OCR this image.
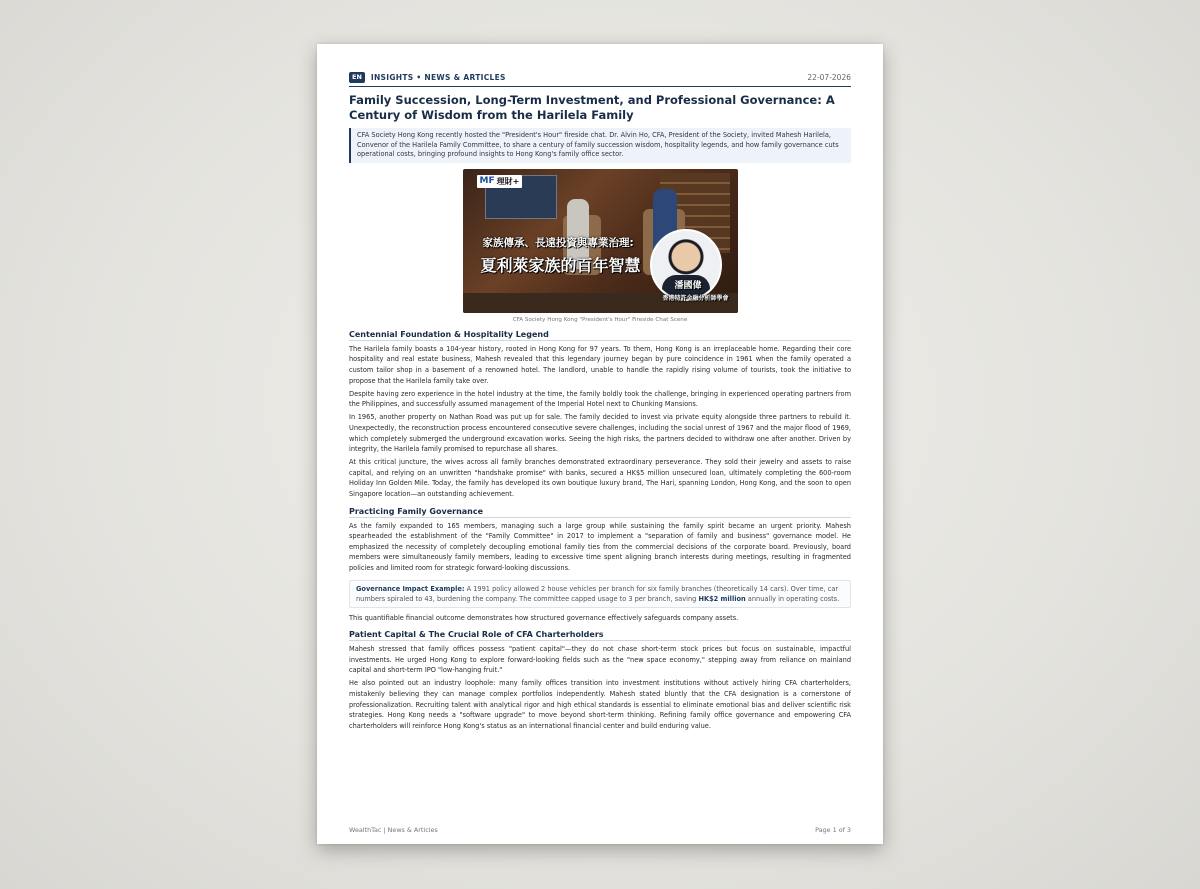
EN	INSIGHTS • NEWS & ARTICLES	22-07-2026
Family Succession, Long-Term Investment, and Professional Governance: A Century of Wisdom from the Harilela Family
CFA Society Hong Kong recently hosted the "President's Hour" fireside chat. Dr. Alvin Ho, CFA, President of the Society, invited Mahesh Harilela, Convenor of the Harilela Family Committee, to share a century of family succession wisdom, hospitality legends, and how family governance cuts operational costs, bringing profound insights to Hong Kong's family office sector.
MF 理財+
家族傳承、長遠投資與專業治理:
夏利萊家族的百年智慧
潘國偉
香港特許金融分析師學會
CFA Society Hong Kong "President's Hour" Fireside Chat Scene
Centennial Foundation & Hospitality Legend

The Harilela family boasts a 104-year history, rooted in Hong Kong for 97 years. To them, Hong Kong is an irreplaceable home. Regarding their core hospitality and real estate business, Mahesh revealed that this legendary journey began by pure coincidence in 1961 when the family operated a custom tailor shop in a basement of a renowned hotel. The landlord, unable to handle the rapidly rising volume of tourists, took the initiative to propose that the Harilela family take over.

Despite having zero experience in the hotel industry at the time, the family boldly took the challenge, bringing in experienced operating partners from the Philippines, and successfully assumed management of the Imperial Hotel next to Chunking Mansions.

In 1965, another property on Nathan Road was put up for sale. The family decided to invest via private equity alongside three partners to rebuild it. Unexpectedly, the reconstruction process encountered consecutive severe challenges, including the social unrest of 1967 and the major flood of 1969, which completely submerged the underground excavation works. Seeing the high risks, the partners decided to withdraw one after another. Driven by integrity, the Harilela family promised to repurchase all shares.

At this critical juncture, the wives across all family branches demonstrated extraordinary perseverance. They sold their jewelry and assets to raise capital, and relying on an unwritten "handshake promise" with banks, secured a HK$5 million unsecured loan, ultimately completing the 600-room Holiday Inn Golden Mile. Today, the family has developed its own boutique luxury brand, The Hari, spanning London, Hong Kong, and the soon to open Singapore location—an outstanding achievement.

Practicing Family Governance

As the family expanded to 165 members, managing such a large group while sustaining the family spirit became an urgent priority. Mahesh spearheaded the establishment of the "Family Committee" in 2017 to implement a "separation of family and business" governance model. He emphasized the necessity of completely decoupling emotional family ties from the commercial decisions of the corporate board. Previously, board members were simultaneously family members, leading to excessive time spent aligning branch interests during meetings, resulting in fragmented policies and limited room for strategic forward-looking discussions.

Governance Impact Example: A 1991 policy allowed 2 house vehicles per branch for six family branches (theoretically 14 cars). Over time, car numbers spiraled to 43, burdening the company. The committee capped usage to 3 per branch, saving HK$2 million annually in operating costs.

This quantifiable financial outcome demonstrates how structured governance effectively safeguards company assets.

Patient Capital & The Crucial Role of CFA Charterholders

Mahesh stressed that family offices possess "patient capital"—they do not chase short-term stock prices but focus on sustainable, impactful investments. He urged Hong Kong to explore forward-looking fields such as the "new space economy," stepping away from reliance on mainland capital and short-term IPO "low-hanging fruit."

He also pointed out an industry loophole: many family offices transition into investment institutions without actively hiring CFA charterholders, mistakenly believing they can manage complex portfolios independently. Mahesh stated bluntly that the CFA designation is a cornerstone of professionalization. Recruiting talent with analytical rigor and high ethical standards is essential to eliminate emotional bias and deliver scientific risk strategies. Hong Kong needs a "software upgrade" to move beyond short-term thinking. Refining family office governance and empowering CFA charterholders will reinforce Hong Kong's status as an international financial center and build enduring value.

WealthTac | News & Articles	Page 1 of 3
